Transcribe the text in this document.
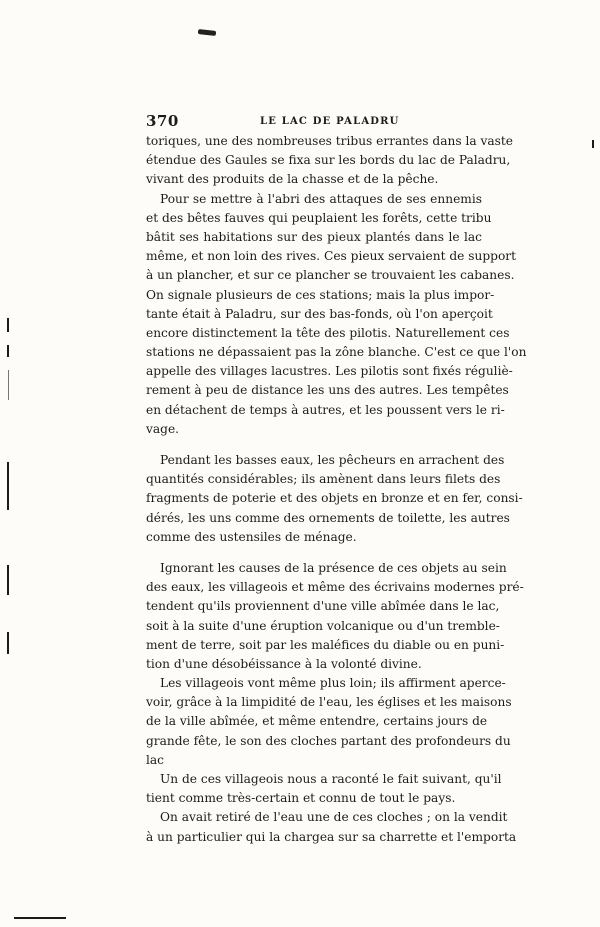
370	LE LAC DE PALADRU
toriques, une des nombreuses tribus errantes dans la vaste
étendue des Gaules se fixa sur les bords du lac de Paladru,
vivant des produits de la chasse et de la pêche.
Pour se mettre à l'abri des attaques de ses ennemis
et des bêtes fauves qui peuplaient les forêts, cette tribu
bâtit ses habitations sur des pieux plantés dans le lac
même, et non loin des rives. Ces pieux servaient de support
à un plancher, et sur ce plancher se trouvaient les cabanes.
On signale plusieurs de ces stations; mais la plus impor-
tante était à Paladru, sur des bas-fonds, où l'on aperçoit
encore distinctement la tête des pilotis. Naturellement ces
stations ne dépassaient pas la zône blanche. C'est ce que l'on
appelle des villages lacustres. Les pilotis sont fixés réguliè-
rement à peu de distance les uns des autres. Les tempêtes
en détachent de temps à autres, et les poussent vers le ri-
vage.
Pendant les basses eaux, les pêcheurs en arrachent des
quantités considérables; ils amènent dans leurs filets des
fragments de poterie et des objets en bronze et en fer, consi-
dérés, les uns comme des ornements de toilette, les autres
comme des ustensiles de ménage.
Ignorant les causes de la présence de ces objets au sein
des eaux, les villageois et même des écrivains modernes pré-
tendent qu'ils proviennent d'une ville abîmée dans le lac,
soit à la suite d'une éruption volcanique ou d'un tremble-
ment de terre, soit par les maléfices du diable ou en puni-
tion d'une désobéissance à la volonté divine.
Les villageois vont même plus loin; ils affirment aperce-
voir, grâce à la limpidité de l'eau, les églises et les maisons
de la ville abîmée, et même entendre, certains jours de
grande fête, le son des cloches partant des profondeurs du
lac
Un de ces villageois nous a raconté le fait suivant, qu'il
tient comme très-certain et connu de tout le pays.
On avait retiré de l'eau une de ces cloches ; on la vendit
à un particulier qui la chargea sur sa charrette et l'emporta
